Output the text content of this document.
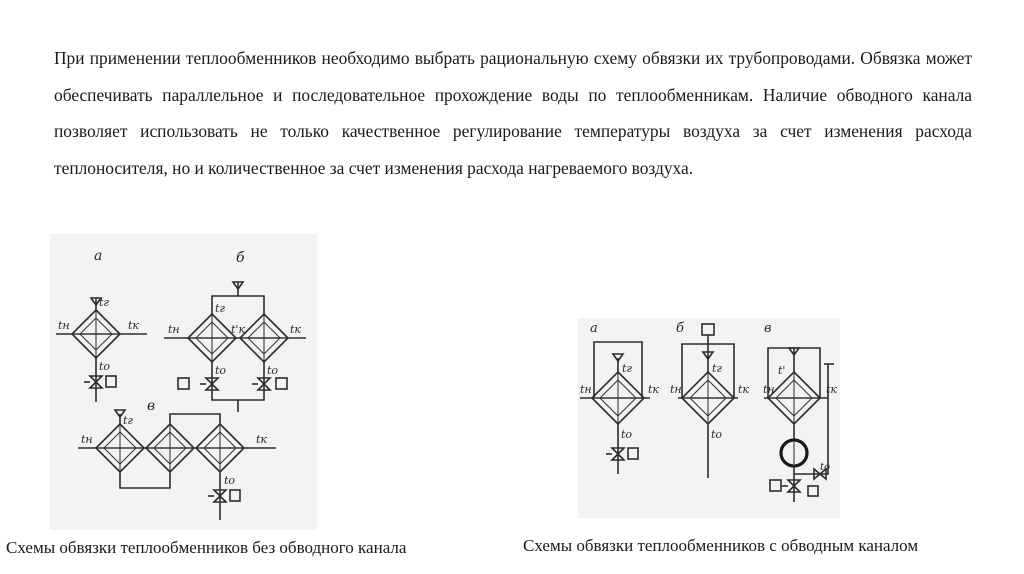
При применении теплообменников необходимо выбрать рациональную схему обвязки их трубопроводами. Обвязка может обеспечивать параллельное и последовательное прохождение воды по теплообменникам. Наличие обводного канала позволяет использовать не только качественное регулирование температуры воздуха за счет изменения расхода теплоносителя, но и количественное за счет изменения расхода нагреваемого воздуха.

а
tг
tн	tк
tо
б
tг
tн	t'к	tк
tо	tо
в
tг
tн	tк
tо
а
tг
tн	tк
tо
б
tг
tн	tк
tо
в
t'
tн	tк
tо

Схемы обвязки теплообменников без обводного канала	Схемы обвязки теплообменников с обводным каналом
